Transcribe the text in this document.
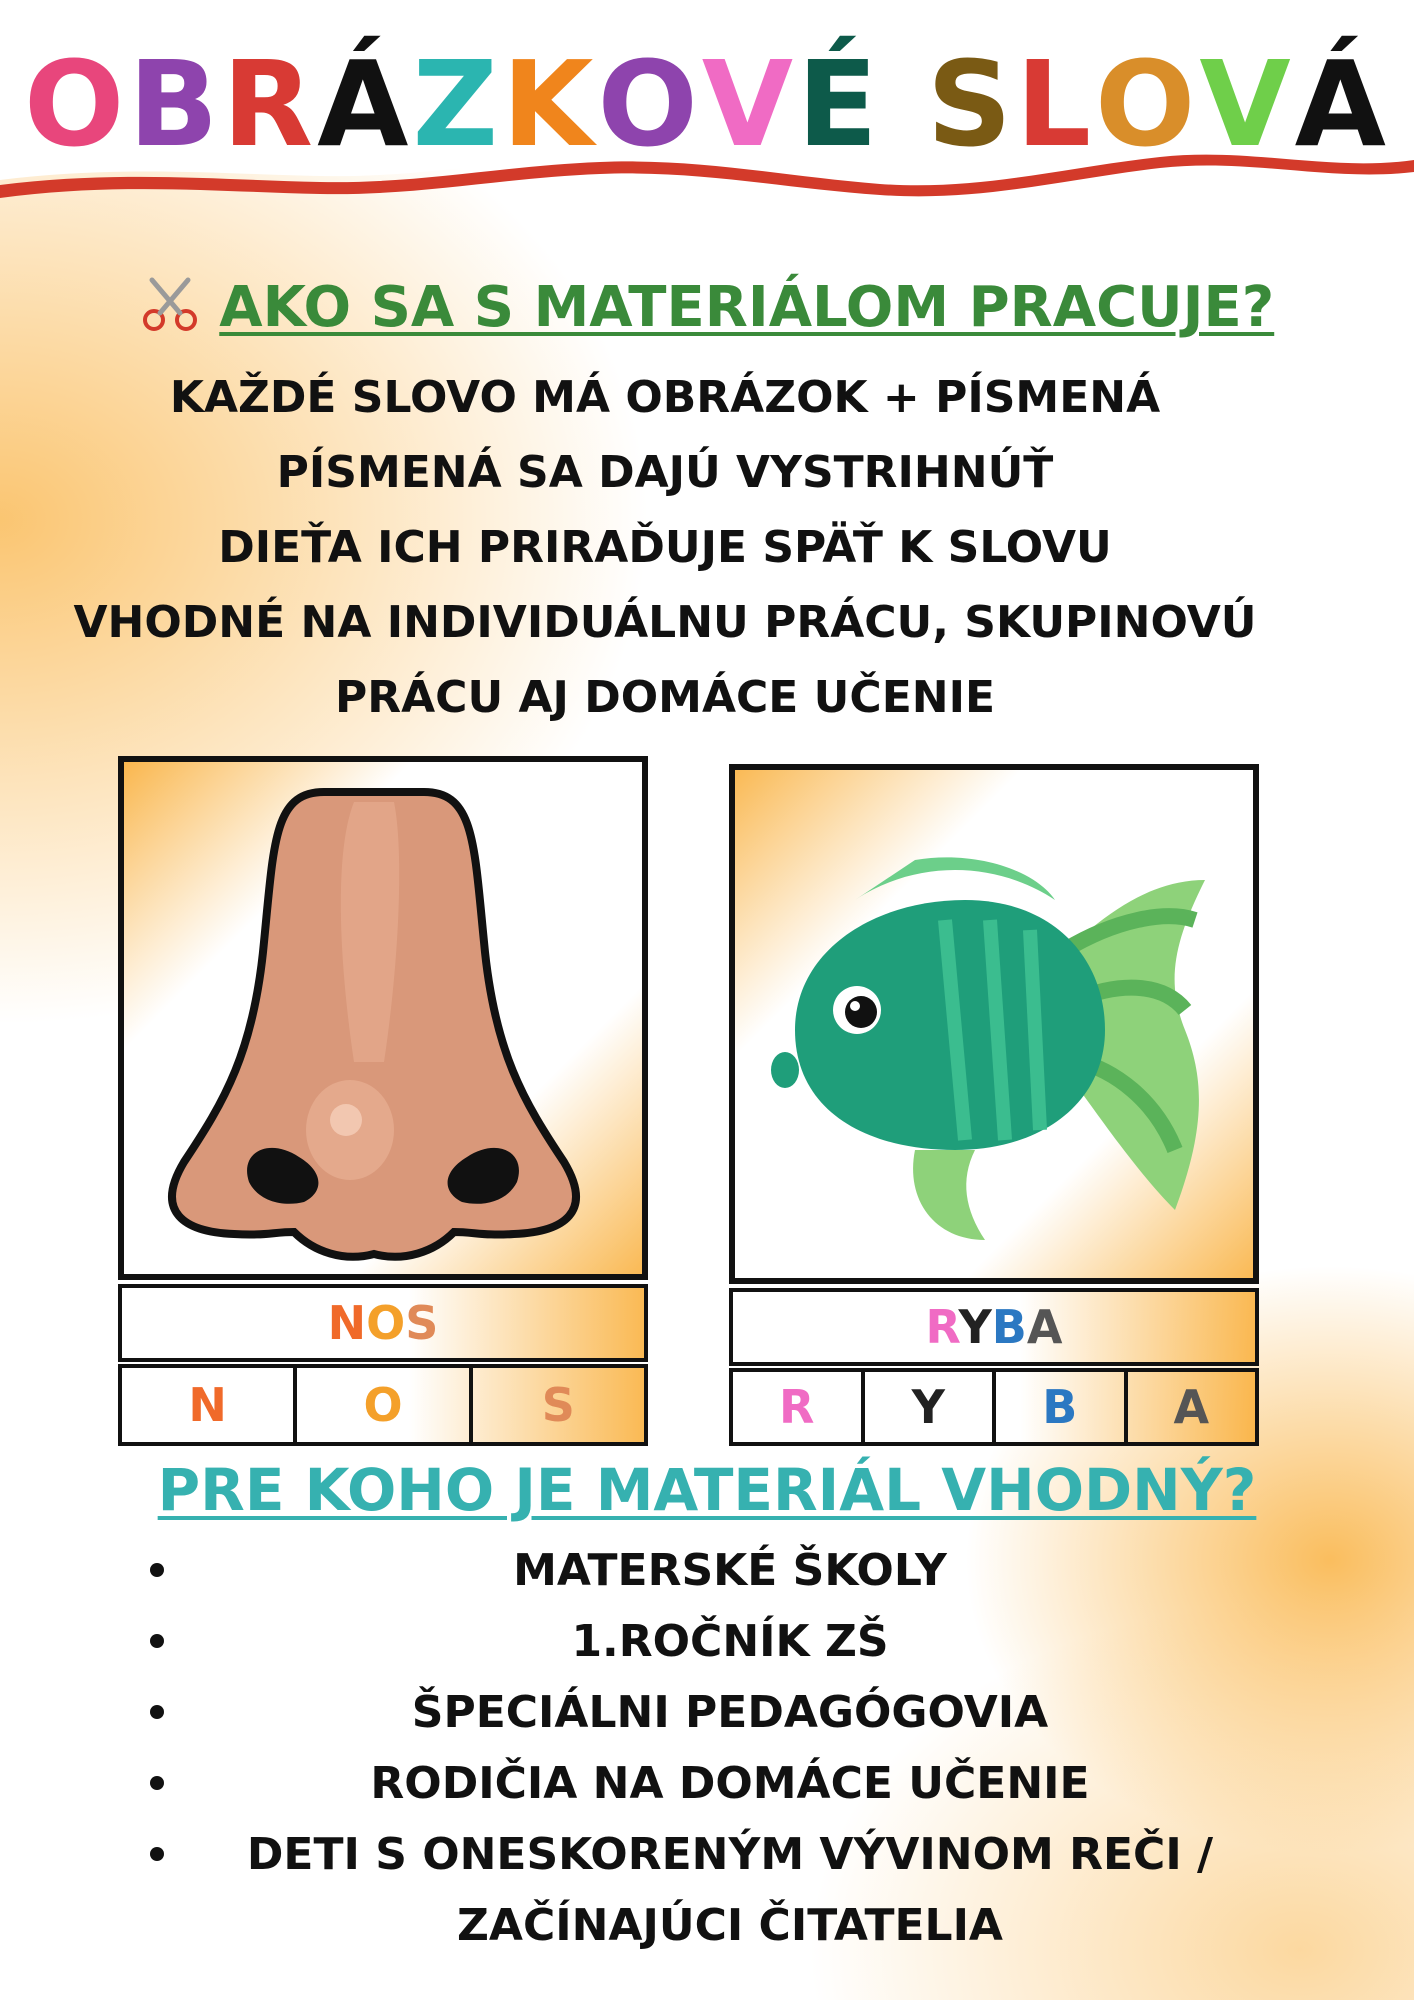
OBRÁZKOVÉ SLOVÁ
AKO SA S MATERIÁLOM PRACUJE?
KAŽDÉ SLOVO MÁ OBRÁZOK + PÍSMENÁ
PÍSMENÁ SA DAJÚ VYSTRIHNÚŤ
DIEŤA ICH PRIRAĎUJE SPÄŤ K SLOVU
VHODNÉ NA INDIVIDUÁLNU PRÁCU, SKUPINOVÚ
PRÁCU AJ DOMÁCE UČENIE
NOS
N	O	S
RYBA
R	Y	B	A
PRE KOHO JE MATERIÁL VHODNÝ?
MATERSKÉ ŠKOLY
1.ROČNÍK ZŠ
ŠPECIÁLNI PEDAGÓGOVIA
RODIČIA NA DOMÁCE UČENIE
DETI S ONESKORENÝM VÝVINOM REČI /
ZAČÍNAJÚCI ČITATELIA
